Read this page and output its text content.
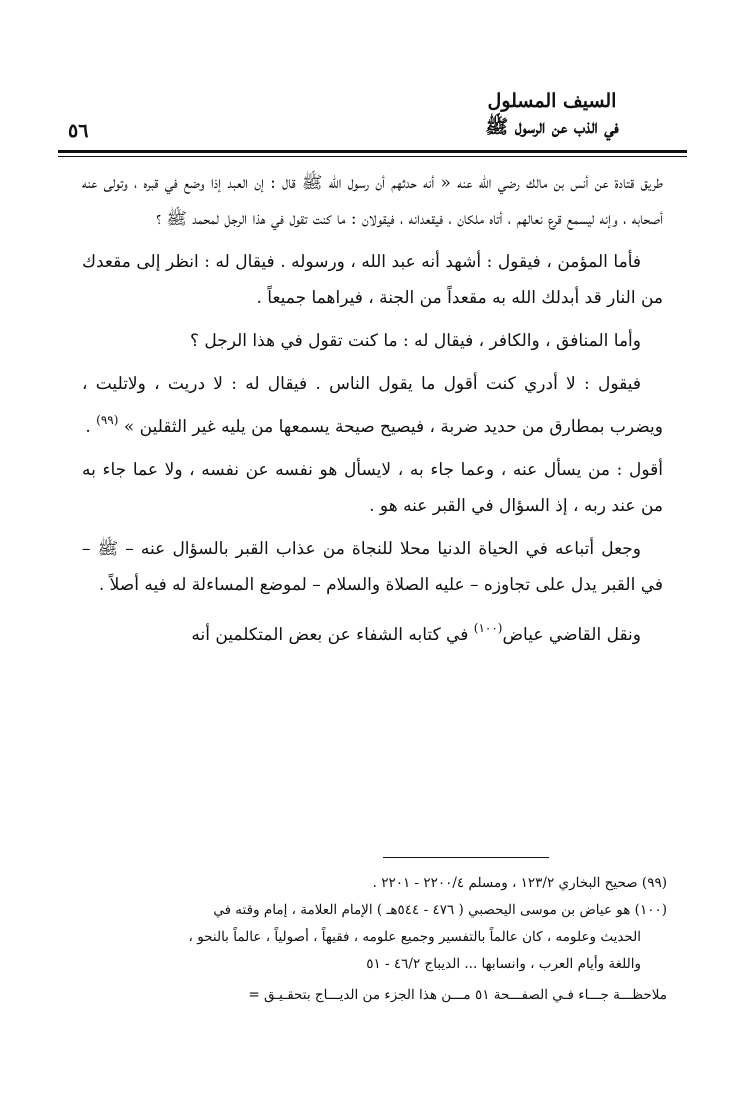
السيف المسلول
في الذب عن الرسول ﷺ
٥٦

طريق قتادة عن أنس بن مالك رضي الله عنه « أنه حدثهم أن رسول الله ﷺ قال : إن العبد إذا وضع في قبره ، وتولى عنه أصحابه ، وإنه ليسمع قرع نعالهم ، أتاه ملكان ، فيقعدانه ، فيقولان : ما كنت تقول في هذا الرجل لمحمد ﷺ ؟

فأما المؤمن ، فيقول : أشهد أنه عبد الله ، ورسوله . فيقال له : انظر إلى مقعدك من النار قد أبدلك الله به مقعداً من الجنة ، فيراهما جميعاً .

وأما المنافق ، والكافر ، فيقال له : ما كنت تقول في هذا الرجل ؟

فيقول : لا أدري كنت أقول ما يقول الناس . فيقال له : لا دريت ، ولاتليت ، ويضرب بمطارق من حديد ضربة ، فيصيح صيحة يسمعها من يليه غير الثقلين » $^{(٩٩)}$ .

أقول : من يسأل عنه ، وعما جاء به ، لايسأل هو نفسه عن نفسه ، ولا عما جاء به من عند ربه ، إذ السؤال في القبر عنه هو .

وجعل أتباعه في الحياة الدنيا محلا للنجاة من عذاب القبر بالسؤال عنه – ﷺ – في القبر يدل على تجاوزه – عليه الصلاة والسلام – لموضع المساءلة له فيه أصلاً .

ونقل القاضي عياض$^{(١٠٠)}$ في كتابه الشفاء عن بعض المتكلمين أنه

(٩٩) صحيح البخاري ١٢٣/٢ ، ومسلم ٢٢٠٠/٤ - ٢٢٠١ .

(١٠٠) هو عياض بن موسى اليحصبي ( ٤٧٦ - ٥٤٤هـ ) الإمام العلامة ، إمام وقته في

الحديث وعلومه ، كان عالماً بالتفسير وجميع علومه ، فقيهاً ، أصولياً ، عالماً بالنحو ،

واللغة وأيام العرب ، وانسابها ... الديباج ٤٦/٢ - ٥١

ملاحظـــة جـــاء فـي الصفـــحة ٥١ مـــن هذا الجزء من الديـــاج بتحقـيـق =
